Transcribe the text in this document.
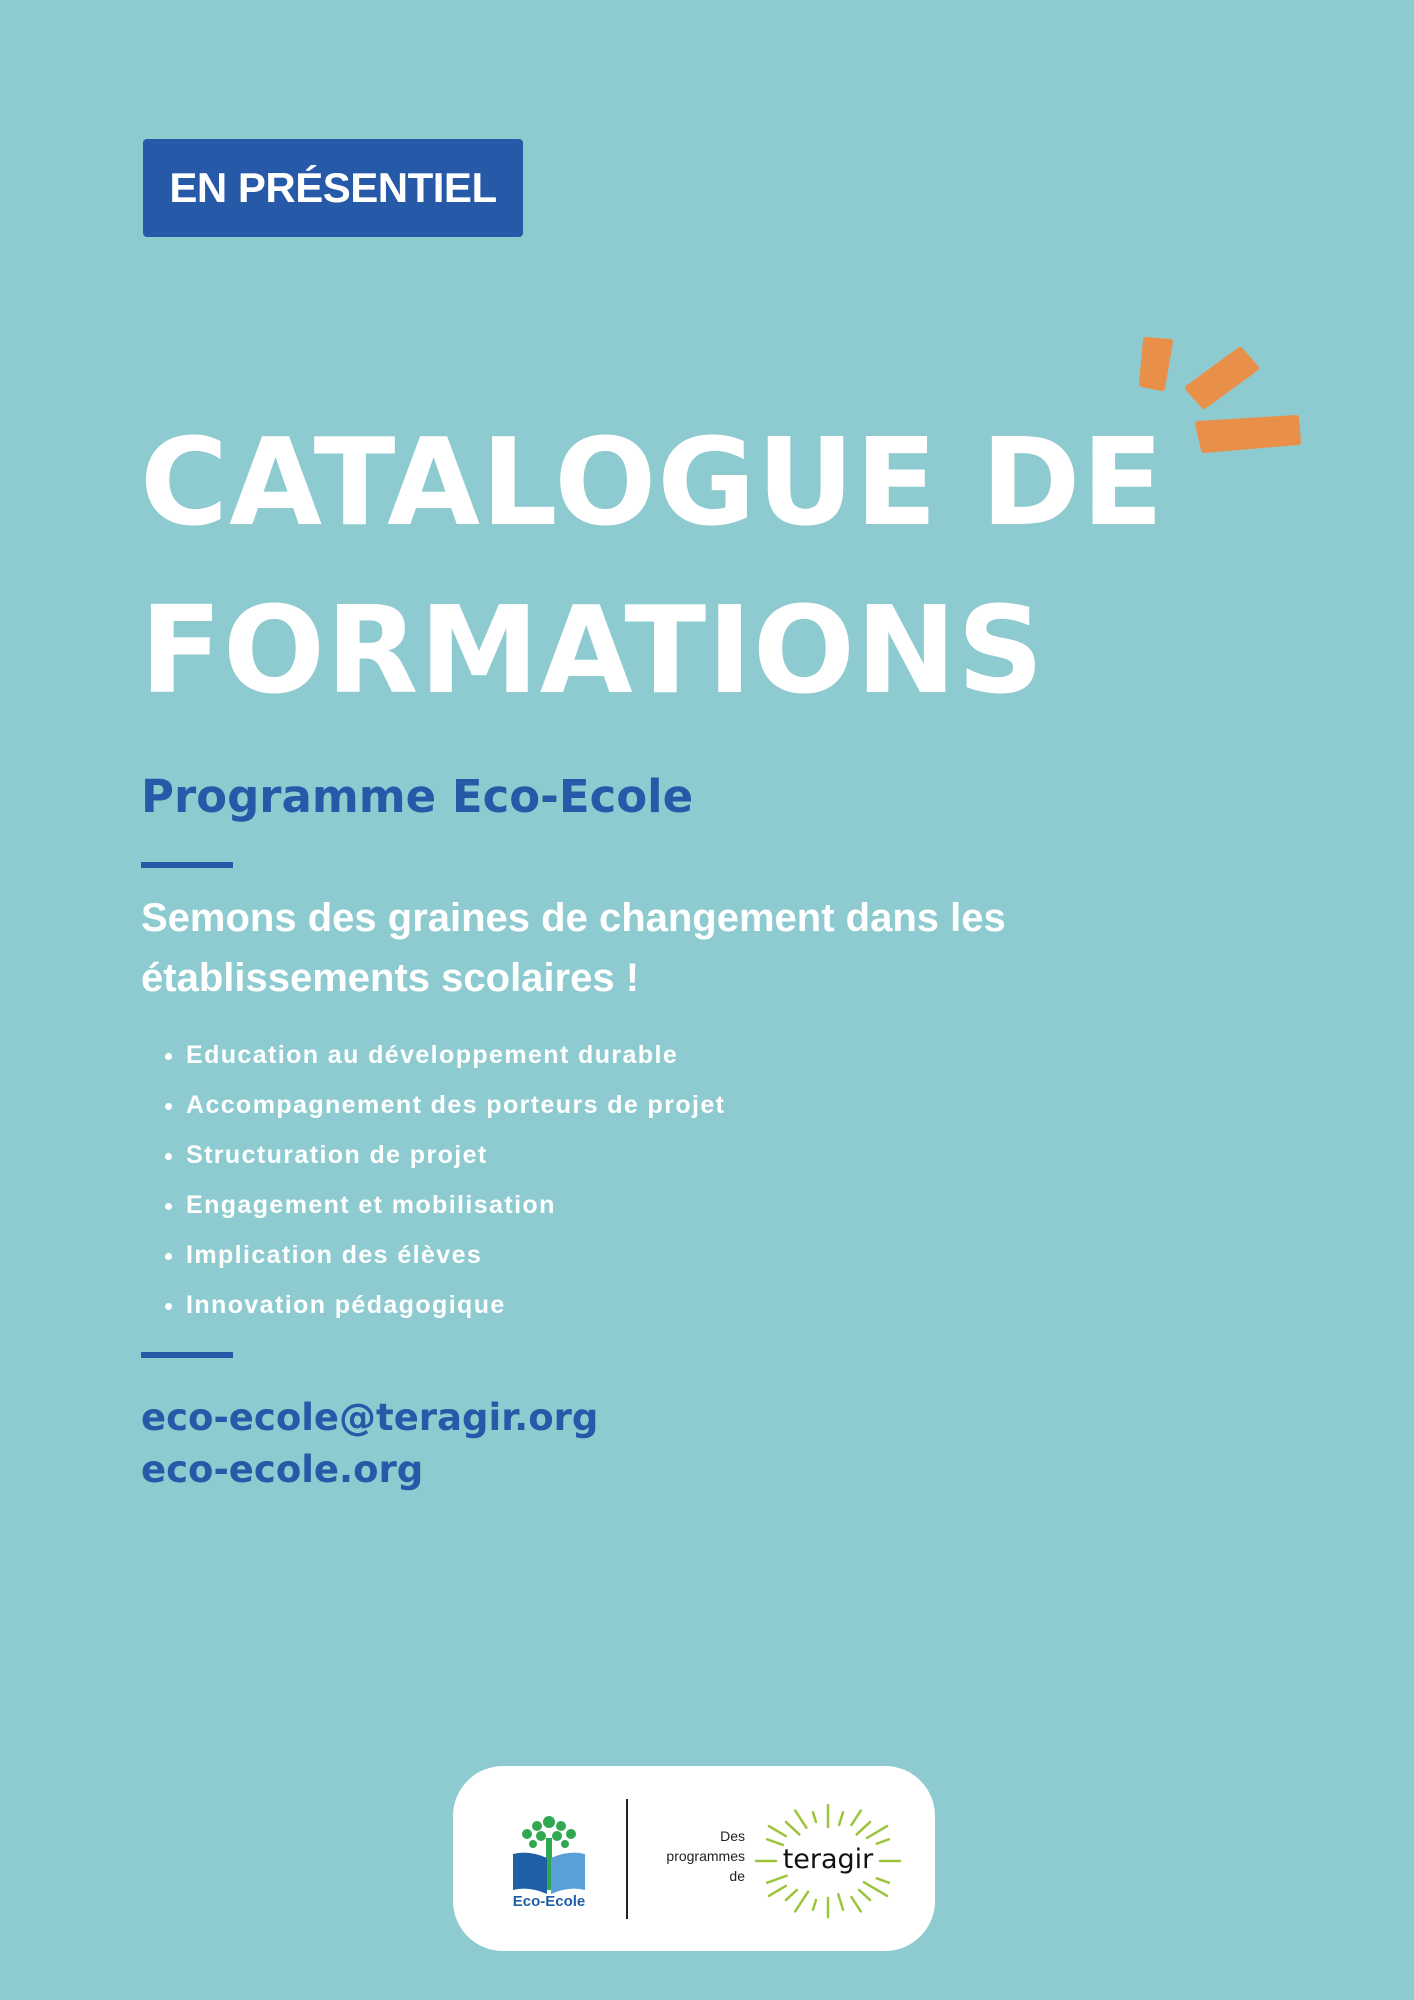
EN PRÉSENTIEL
CATALOGUE DE
FORMATIONS
Programme Eco-Ecole

Semons des graines de changement dans les
établissements scolaires !

• Education au développement durable
• Accompagnement des porteurs de projet
• Structuration de projet
• Engagement et mobilisation
• Implication des élèves
• Innovation pédagogique
eco-ecole@teragir.org
eco-ecole.org
Eco-Ecole
Des
programmes
de
teragir
